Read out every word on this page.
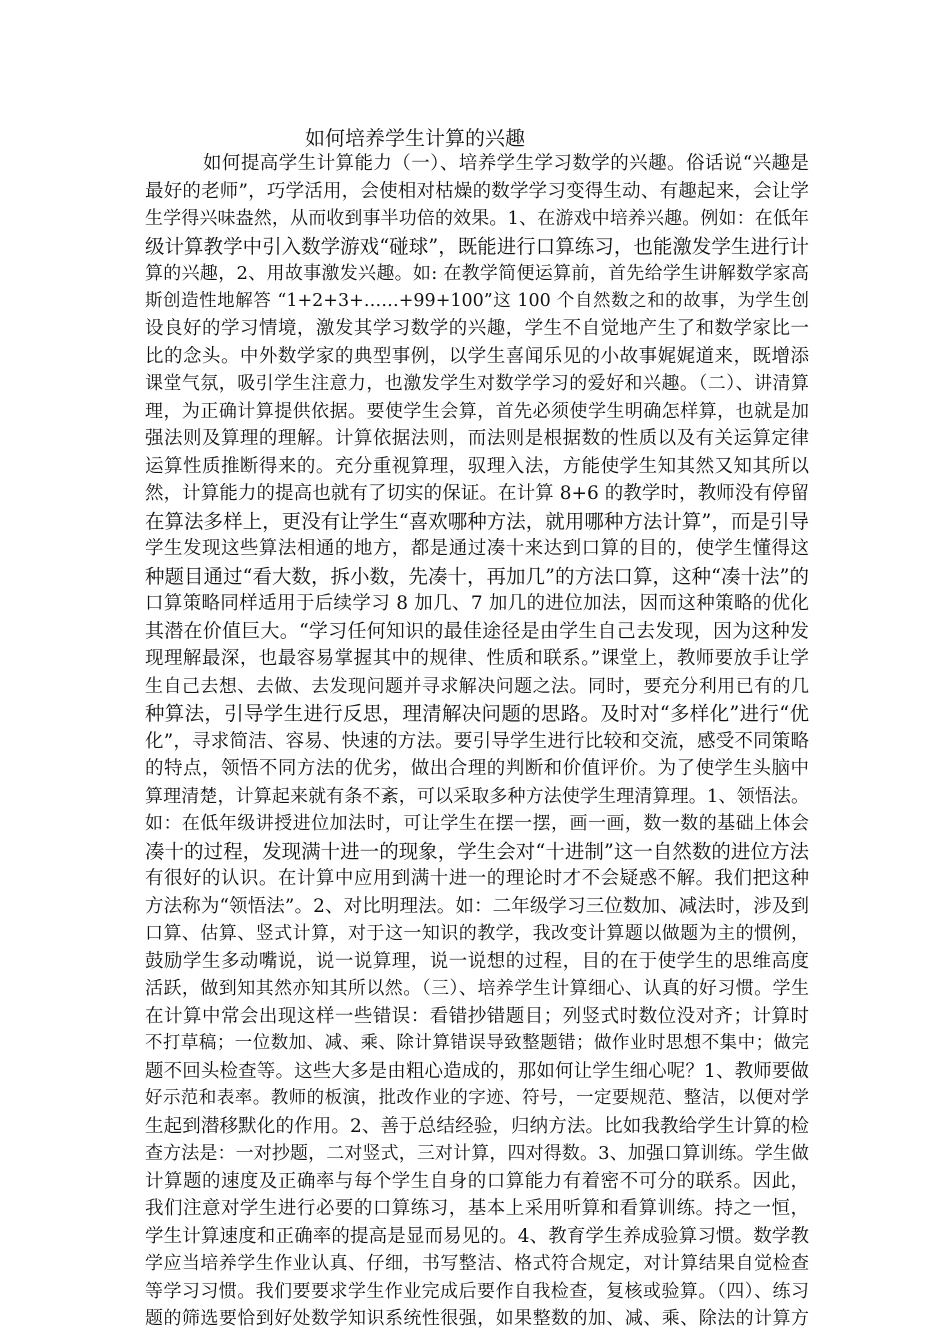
如何培养学生计算的兴趣
如何提高学生计算能力（一）、培养学生学习数学的兴趣。俗话说“兴趣是
最好的老师”，巧学活用，会使相对枯燥的数学学习变得生动、有趣起来，会让学
生学得兴味盎然，从而收到事半功倍的效果。1、在游戏中培养兴趣。例如：在低年
级计算教学中引入数学游戏“碰球”，既能进行口算练习，也能激发学生进行计
算的兴趣，2、用故事激发兴趣。如: 在教学简便运算前，首先给学生讲解数学家高
斯创造性地解答 “1+2+3+……+99+100”这 100 个自然数之和的故事，为学生创
设良好的学习情境，激发其学习数学的兴趣，学生不自觉地产生了和数学家比一
比的念头。中外数学家的典型事例，以学生喜闻乐见的小故事娓娓道来，既增添
课堂气氛，吸引学生注意力，也激发学生对数学学习的爱好和兴趣。（二）、讲清算
理，为正确计算提供依据。要使学生会算，首先必须使学生明确怎样算，也就是加
强法则及算理的理解。计算依据法则，而法则是根据数的性质以及有关运算定律
运算性质推断得来的。充分重视算理，驭理入法，方能使学生知其然又知其所以
然，计算能力的提高也就有了切实的保证。在计算 8+6 的教学时，教师没有停留
在算法多样上，更没有让学生“喜欢哪种方法，就用哪种方法计算”，而是引导
学生发现这些算法相通的地方，都是通过凑十来达到口算的目的，使学生懂得这
种题目通过“看大数，拆小数，先凑十，再加几”的方法口算，这种“凑十法”的
口算策略同样适用于后续学习 8 加几、7 加几的进位加法，因而这种策略的优化
其潜在价值巨大。“学习任何知识的最佳途径是由学生自己去发现，因为这种发
现理解最深，也最容易掌握其中的规律、性质和联系。”课堂上，教师要放手让学
生自己去想、去做、去发现问题并寻求解决问题之法。同时，要充分利用已有的几
种算法，引导学生进行反思，理清解决问题的思路。及时对“多样化”进行“优
化”，寻求简洁、容易、快速的方法。要引导学生进行比较和交流，感受不同策略
的特点，领悟不同方法的优劣，做出合理的判断和价值评价。为了使学生头脑中
算理清楚，计算起来就有条不紊，可以采取多种方法使学生理清算理。1、领悟法。
如：在低年级讲授进位加法时，可让学生在摆一摆，画一画，数一数的基础上体会
凑十的过程，发现满十进一的现象，学生会对“十进制”这一自然数的进位方法
有很好的认识。在计算中应用到满十进一的理论时才不会疑惑不解。我们把这种
方法称为“领悟法”。2、对比明理法。如：二年级学习三位数加、减法时，涉及到
口算、估算、竖式计算，对于这一知识的教学，我改变计算题以做题为主的惯例，
鼓励学生多动嘴说，说一说算理，说一说想的过程，目的在于使学生的思维高度
活跃，做到知其然亦知其所以然。（三）、培养学生计算细心、认真的好习惯。学生
在计算中常会出现这样一些错误：看错抄错题目；列竖式时数位没对齐；计算时
不打草稿；一位数加、减、乘、除计算错误导致整题错；做作业时思想不集中；做完
题不回头检查等。这些大多是由粗心造成的，那如何让学生细心呢？1、教师要做
好示范和表率。教师的板演，批改作业的字迹、符号，一定要规范、整洁，以便对学
生起到潜移默化的作用。2、善于总结经验，归纳方法。比如我教给学生计算的检
查方法是：一对抄题，二对竖式，三对计算，四对得数。3、加强口算训练。学生做
计算题的速度及正确率与每个学生自身的口算能力有着密不可分的联系。因此，
我们注意对学生进行必要的口算练习，基本上采用听算和看算训练。持之一恒，
学生计算速度和正确率的提高是显而易见的。4、教育学生养成验算习惯。数学教
学应当培养学生作业认真、仔细，书写整洁、格式符合规定，对计算结果自觉检查
等学习习惯。我们要要求学生作业完成后要作自我检查，复核或验算。（四）、练习
题的筛选要恰到好处数学知识系统性很强，如果整数的加、减、乘、除法的计算方
